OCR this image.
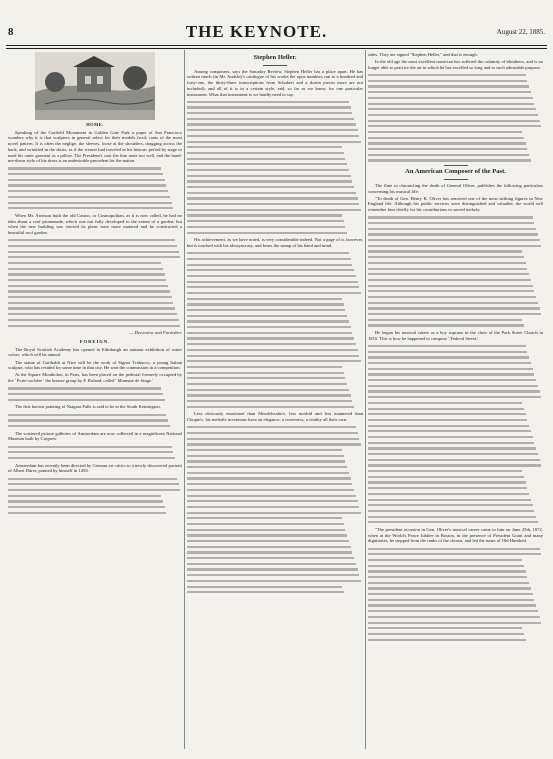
8	THE KEYNOTE.	August 22, 1885.
HOME.

Speaking of the Garfield Monument in Golden Gate Park a paper of San Francisco wonders why it is that sculptors in general select for their models frock coats of the most novel pattern. It is often the neglige, the sleeves, loose at the shoulders, dragging across the back, and wrinkled in the skirts, as if the wearer had traveled in his historic period by stage or used his outer garment as a pillow. The President's coat fits him none too well, and the hand-me-down style of his dress is an undesirable precedent for the nation.

When Mr. Aronson built the old Casino, or Cosmopolitan, as it is now called, he had no idea about a roof promenade, which was not fully developed to the extent of a garden, but when the new building was erected its plans were more matured and he constructed a beautiful roof garden.

— Decorator and Furnisher.
FOREIGN.

The Royal Scottish Academy has opened in Edinburgh an autumn exhibition of water colors, which will be annual.

The statue of Garibaldi at Nice will be the work of Signor Trabucco, a young Italian sculptor, who has resided for some time in that city. He won the commission in a competition.

At the Square Montholon, in Paris, has been placed on the pedestal formerly occupied by the ' Porte-cochère ' the bronze group by F. Roland, called ' Monnaie de Singe.'

The first known painting of Niagara Falls is said to be at the South Kensington.

The scattered picture galleries of Amsterdam are now collected in a magnificent National Museum built by Cuypers.

Amsterdam has recently been directed by German art critics to a newly discovered portrait of Albert Dürer, painted by himself in 1493.

Stephen Heller.

Among composers, says the Saturday Review, Stephen Heller has a place apart. He has written much (in Mr. Andsley's catalogue of his works the opus numbers run to a hundred and forty-one, the thirty-three transcriptions from Schubert and a dozen pieces more are not included); and all of it is in a certain style, and, so far as we know, for one particular instrument. What that instrument is we hardly need to say.

His achievement, as we have noted, is very considerable indeed. Not a page of it, however, but is touched with his idiosyncrasy, and bears the stamp of his hand and mind.

Less obviously emotional than Mendelssohn's, less morbid and less mannered than Chopin's, his melodic inventions have an elegance, a sweetness, a vitality all their own.

sides. They are signed "Stephen Heller," and that is enough.

In the old age the most excellent musician has suffered the calamity of blindness, and is no longer able to practice the art in which he has excelled so long and to such admirable purpose.

An American Composer of the Past.

The flute in chronicling the death of General Oliver, publishes the following particulars concerning his musical life:

"To death of Gen. Henry K. Oliver has removed one of the most striking figures in New England life. Although his public services were distinguished and valuable, the world will remember him chiefly for his contributions to sacred melody.

He began his musical career as a boy soprano in the choir of the Park Street Church in 1810. This is how he happened to compose ' Federal Street.'

"The president occasion in Gen. Oliver's musical career came to him on June 25th, 1872, when at the World's Peace Jubilee in Boston, in the presence of President Grant and many dignitaries, he stepped from the ranks of the chorus, and led the tunes of Old Hundred.
